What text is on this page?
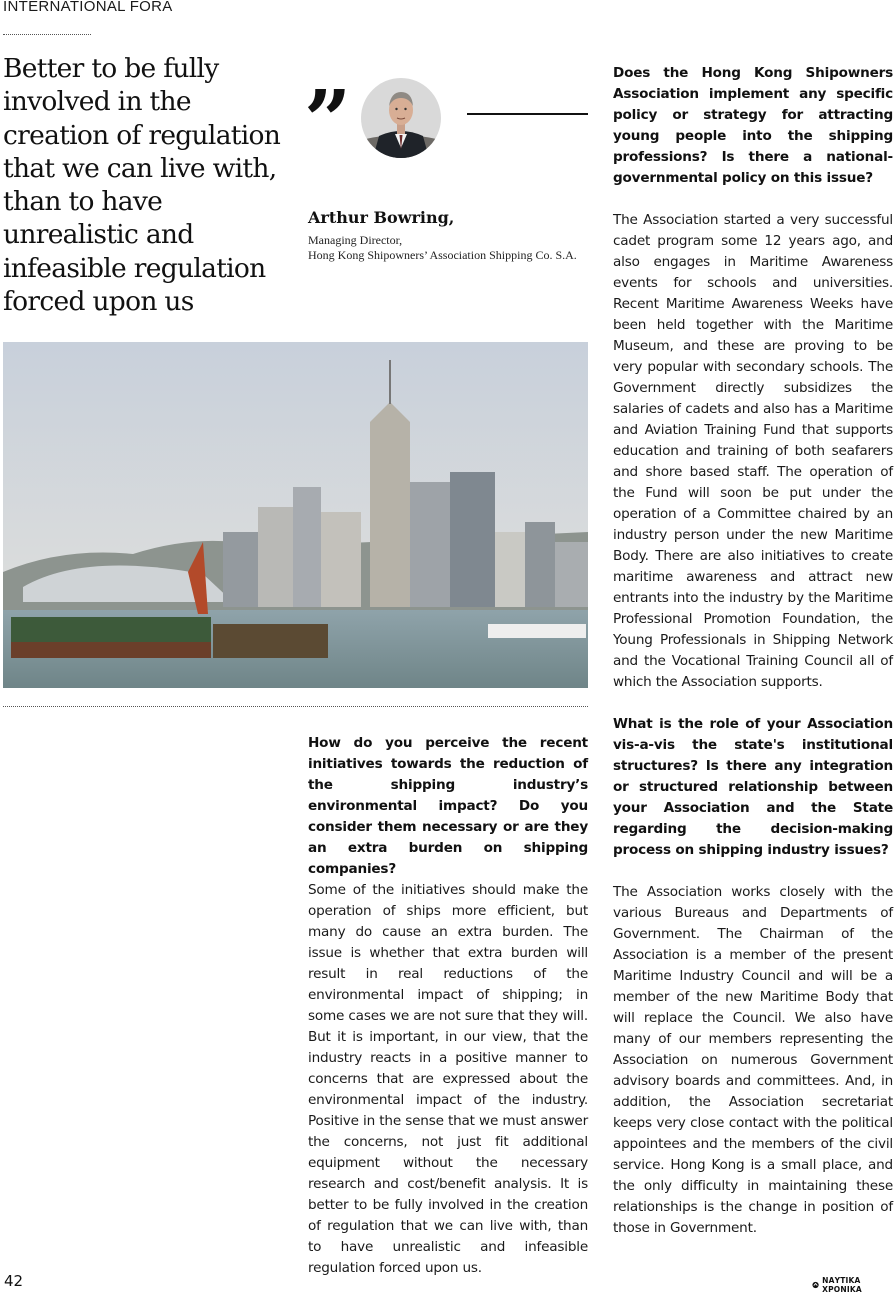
INTERNATIONAL FORA
Better to be fully involved in the creation of regulation that we can live with, than to have unrealistic and infeasible regulation forced upon us
”
Arthur Bowring,
Managing Director,
Hong Kong Shipowners’ Association Shipping Co. S.A.

How do you perceive the recent initiatives towards the reduction of the shipping industry’s environmental impact? Do you consider them necessary or are they an extra burden on shipping companies?

Some of the initiatives should make the operation of ships more efficient, but many do cause an extra burden. The issue is whether that extra burden will result in real reductions of the environmental impact of shipping; in some cases we are not sure that they will. But it is important, in our view, that the industry reacts in a positive manner to concerns that are expressed about the environmental impact of the industry. Positive in the sense that we must answer the concerns, not just fit additional equipment without the necessary research and cost/benefit analysis. It is better to be fully involved in the creation of regulation that we can live with, than to have unrealistic and infeasible regulation forced upon us.

Does the Hong Kong Shipowners Association implement any specific policy or strategy for attracting young people into the shipping professions? Is there a national-governmental policy on this issue?

The Association started a very successful cadet program some 12 years ago, and also engages in Maritime Awareness events for schools and universities. Recent Maritime Awareness Weeks have been held together with the Maritime Museum, and these are proving to be very popular with secondary schools. The Government directly subsidizes the salaries of cadets and also has a Maritime and Aviation Training Fund that supports education and training of both seafarers and shore based staff. The operation of the Fund will soon be put under the operation of a Committee chaired by an industry person under the new Maritime Body. There are also initiatives to create maritime awareness and attract new entrants into the industry by the Maritime Professional Promotion Foundation, the Young Professionals in Shipping Network and the Vocational Training Council all of which the Association supports.

What is the role of your Association vis-a-vis the state's institutional structures? Is there any integration or structured relationship between your Association and the State regarding the decision-making process on shipping industry issues?

The Association works closely with the various Bureaus and Departments of Government. The Chairman of the Association is a member of the present Maritime Industry Council and will be a member of the new Maritime Body that will replace the Council. We also have many of our members representing the Association on numerous Government advisory boards and committees. And, in addition, the Association secretariat keeps very close contact with the political appointees and the members of the civil service. Hong Kong is a small place, and the only difficulty in maintaining these relationships is the change in position of those in Government.

42	ΝΑΥΤΙΚΑ ΧΡΟΝΙΚΑ
